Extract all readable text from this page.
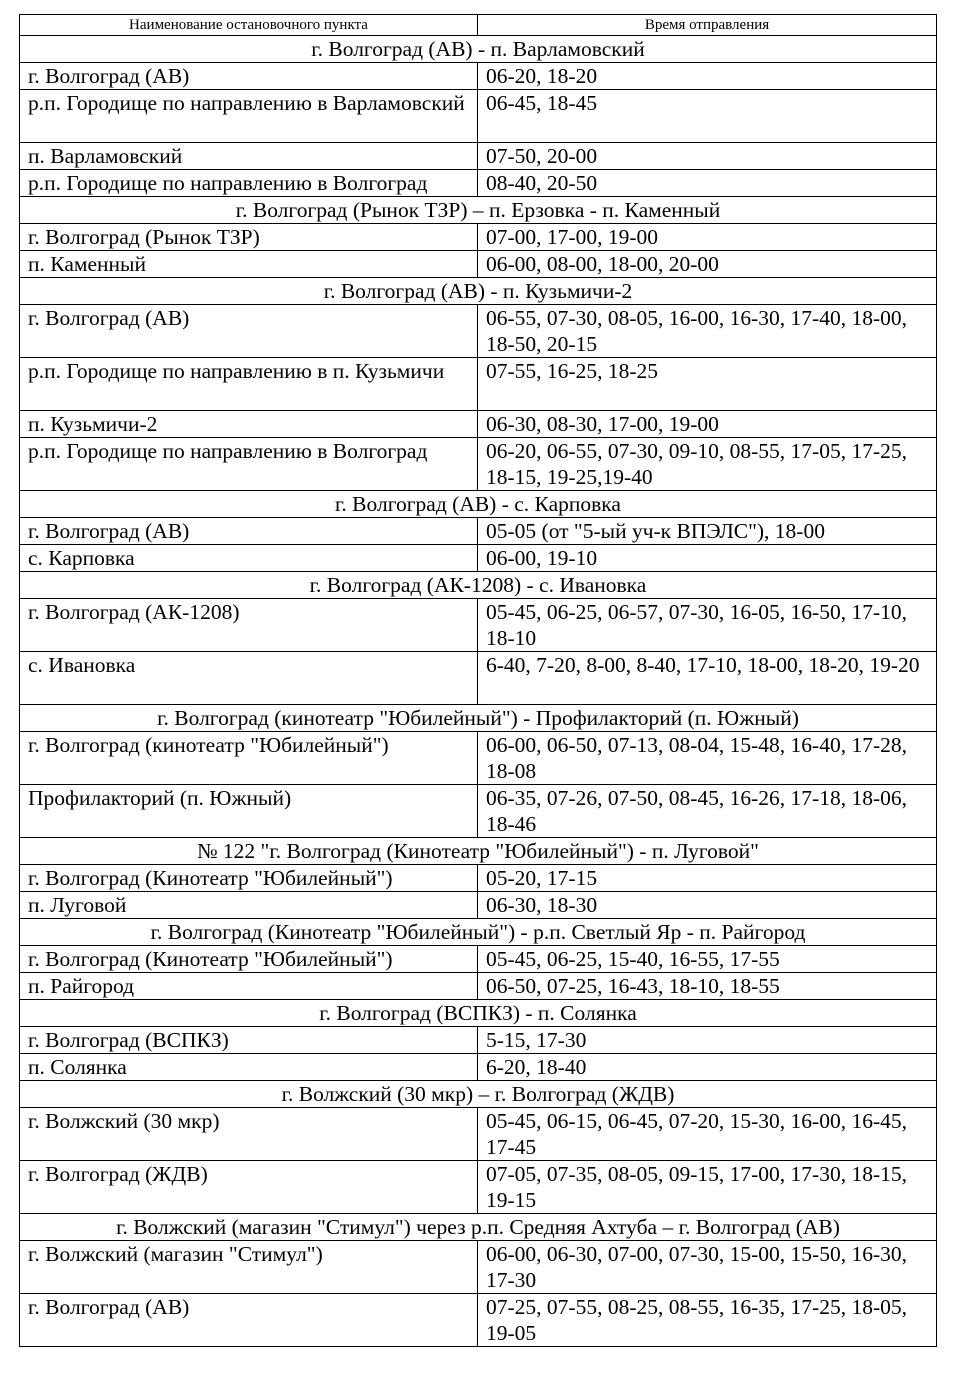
Наименование остановочного пункта	Время отправления
г. Волгоград (АВ) - п. Варламовский	
г. Волгоград (АВ)	06-20, 18-20
р.п. Городище по направлению в Варламовский	06-45, 18-45
п. Варламовский	07-50, 20-00
р.п. Городище по направлению в Волгоград	08-40, 20-50
г. Волгоград (Рынок ТЗР) – п. Ерзовка - п. Каменный	
г. Волгоград (Рынок ТЗР)	07-00, 17-00, 19-00
п. Каменный	06-00, 08-00, 18-00, 20-00
г. Волгоград (АВ) - п. Кузьмичи-2	
г. Волгоград (АВ)	06-55, 07-30, 08-05, 16-00, 16-30, 17-40, 18-00, 18-50, 20-15
р.п. Городище по направлению в п. Кузьмичи	07-55, 16-25, 18-25
п. Кузьмичи-2	06-30, 08-30, 17-00, 19-00
р.п. Городище по направлению в Волгоград	06-20, 06-55, 07-30, 09-10, 08-55, 17-05, 17-25, 18-15, 19-25,19-40
г. Волгоград (АВ) - с. Карповка	
г. Волгоград (АВ)	05-05 (от "5-ый уч-к ВПЭЛС"), 18-00
с. Карповка	06-00, 19-10
г. Волгоград (АК-1208) - с. Ивановка	
г. Волгоград (АК-1208)	05-45, 06-25, 06-57, 07-30, 16-05, 16-50, 17-10, 18-10
с. Ивановка	6-40, 7-20, 8-00, 8-40, 17-10, 18-00, 18-20, 19-20
г. Волгоград (кинотеатр "Юбилейный") - Профилакторий (п. Южный)	
г. Волгоград (кинотеатр "Юбилейный")	06-00, 06-50, 07-13, 08-04, 15-48, 16-40, 17-28, 18-08
Профилакторий (п. Южный)	06-35, 07-26, 07-50, 08-45, 16-26, 17-18, 18-06, 18-46
№ 122 "г. Волгоград (Кинотеатр "Юбилейный") - п. Луговой"	
г. Волгоград (Кинотеатр "Юбилейный")	05-20, 17-15
п. Луговой	06-30, 18-30
г. Волгоград (Кинотеатр "Юбилейный") - р.п. Светлый Яр - п. Райгород	
г. Волгоград (Кинотеатр "Юбилейный")	05-45, 06-25, 15-40, 16-55, 17-55
п. Райгород	06-50, 07-25, 16-43, 18-10, 18-55
г. Волгоград (ВСПКЗ) - п. Солянка	
г. Волгоград (ВСПКЗ)	5-15, 17-30
п. Солянка	6-20, 18-40
г. Волжский (30 мкр) – г. Волгоград (ЖДВ)	
г. Волжский (30 мкр)	05-45, 06-15, 06-45, 07-20, 15-30, 16-00, 16-45, 17-45
г. Волгоград (ЖДВ)	07-05, 07-35, 08-05, 09-15, 17-00, 17-30, 18-15, 19-15
г. Волжский (магазин "Стимул") через р.п. Средняя Ахтуба – г. Волгоград (АВ)	
г. Волжский (магазин "Стимул")	06-00, 06-30, 07-00, 07-30, 15-00, 15-50, 16-30, 17-30
г. Волгоград (АВ)	07-25, 07-55, 08-25, 08-55, 16-35, 17-25, 18-05, 19-05
